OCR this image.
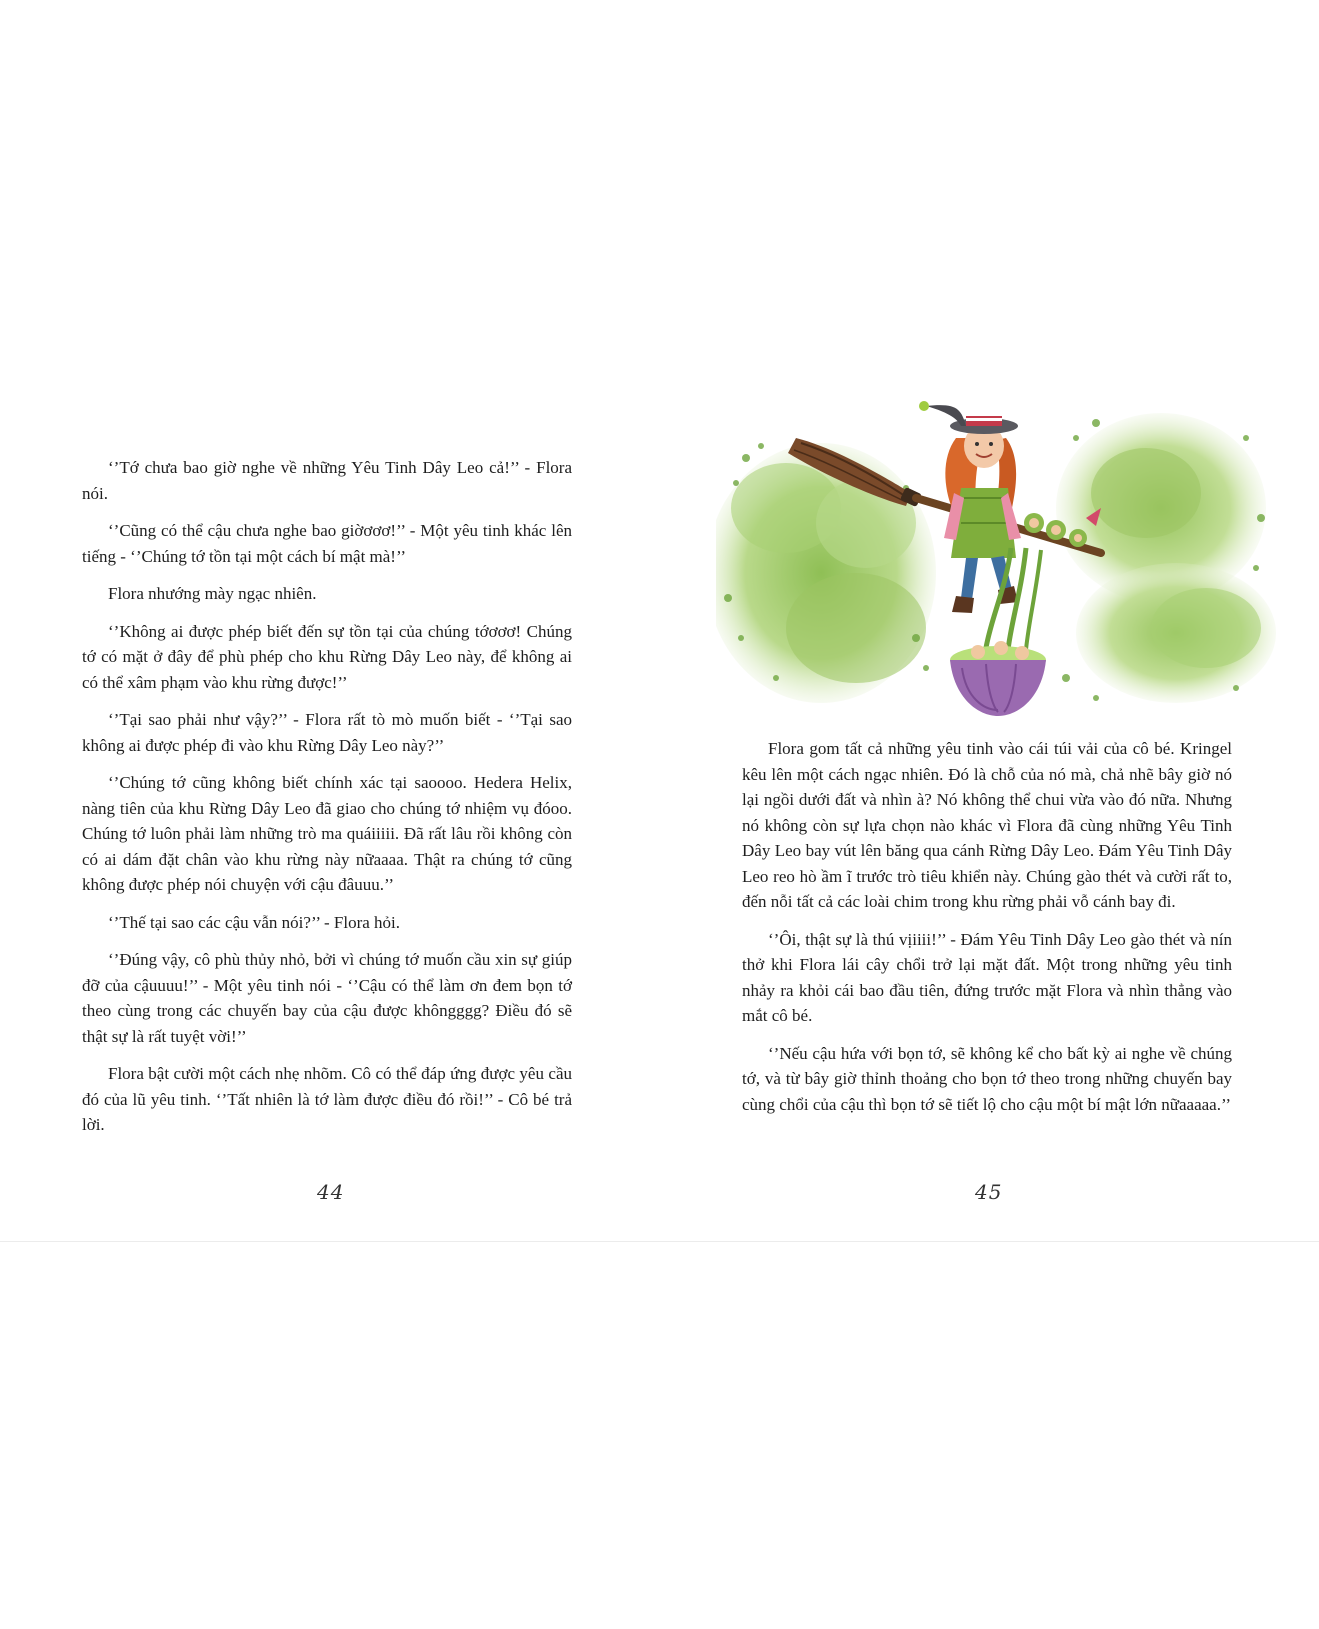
‘’Tớ chưa bao giờ nghe về những Yêu Tinh Dây Leo cả!’’ - Flora nói.

‘’Cũng có thể cậu chưa nghe bao giờơơơ!’’ - Một yêu tinh khác lên tiếng - ‘’Chúng tớ tồn tại một cách bí mật mà!’’

Flora nhướng mày ngạc nhiên.

‘’Không ai được phép biết đến sự tồn tại của chúng tớơơơ! Chúng tớ có mặt ở đây để phù phép cho khu Rừng Dây Leo này, để không ai có thể xâm phạm vào khu rừng được!’’

‘’Tại sao phải như vậy?’’ - Flora rất tò mò muốn biết - ‘’Tại sao không ai được phép đi vào khu Rừng Dây Leo này?’’

‘’Chúng tớ cũng không biết chính xác tại saoooo. Hedera Helix, nàng tiên của khu Rừng Dây Leo đã giao cho chúng tớ nhiệm vụ đóoo. Chúng tớ luôn phải làm những trò ma quáiiiii. Đã rất lâu rồi không còn có ai dám đặt chân vào khu rừng này nữaaaa. Thật ra chúng tớ cũng không được phép nói chuyện với cậu đâuuu.’’

‘’Thế tại sao các cậu vẫn nói?’’ - Flora hỏi.

‘’Đúng vậy, cô phù thủy nhỏ, bởi vì chúng tớ muốn cầu xin sự giúp đỡ của cậuuuu!’’ - Một yêu tinh nói - ‘’Cậu có thể làm ơn đem bọn tớ theo cùng trong các chuyến bay của cậu được khôngggg? Điều đó sẽ thật sự là rất tuyệt vời!’’

Flora bật cười một cách nhẹ nhõm. Cô có thể đáp ứng được yêu cầu đó của lũ yêu tinh. ‘’Tất nhiên là tớ làm được điều đó rồi!’’ - Cô bé trả lời.

44

Flora gom tất cả những yêu tinh vào cái túi vải của cô bé. Kringel kêu lên một cách ngạc nhiên. Đó là chỗ của nó mà, chả nhẽ bây giờ nó lại ngồi dưới đất và nhìn à? Nó không thể chui vừa vào đó nữa. Nhưng nó không còn sự lựa chọn nào khác vì Flora đã cùng những Yêu Tinh Dây Leo bay vút lên băng qua cánh Rừng Dây Leo. Đám Yêu Tinh Dây Leo reo hò ầm ĩ trước trò tiêu khiển này. Chúng gào thét và cười rất to, đến nỗi tất cả các loài chim trong khu rừng phải vỗ cánh bay đi.

‘’Ôi, thật sự là thú vịiiii!’’ - Đám Yêu Tinh Dây Leo gào thét và nín thở khi Flora lái cây chổi trở lại mặt đất. Một trong những yêu tinh nhảy ra khỏi cái bao đầu tiên, đứng trước mặt Flora và nhìn thẳng vào mắt cô bé.

‘’Nếu cậu hứa với bọn tớ, sẽ không kể cho bất kỳ ai nghe về chúng tớ, và từ bây giờ thỉnh thoảng cho bọn tớ theo trong những chuyến bay cùng chổi của cậu thì bọn tớ sẽ tiết lộ cho cậu một bí mật lớn nữaaaaa.’’

45
